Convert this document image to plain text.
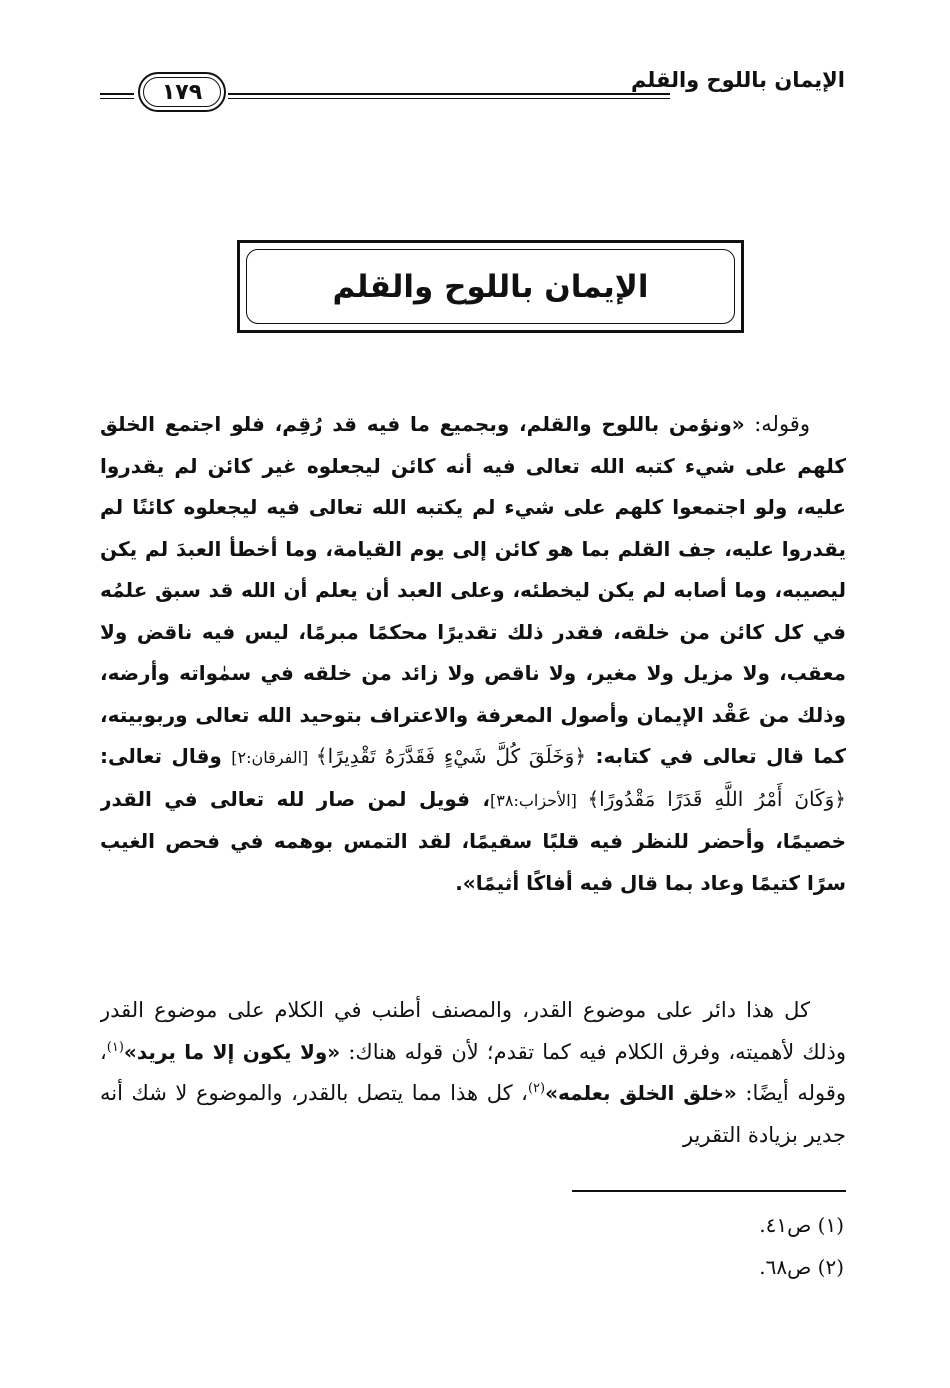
الإيمان باللوح والقلم
١٧٩
الإيمان باللوح والقلم

وقوله: «ونؤمن باللوح والقلم، وبجميع ما فيه قد رُقِم، فلو اجتمع الخلق كلهم على شيء كتبه الله تعالى فيه أنه كائن ليجعلوه غير كائن لم يقدروا عليه، ولو اجتمعوا كلهم على شيء لم يكتبه الله تعالى فيه ليجعلوه كائنًا لم يقدروا عليه، جف القلم بما هو كائن إلى يوم القيامة، وما أخطأ العبدَ لم يكن ليصيبه، وما أصابه لم يكن ليخطئه، وعلى العبد أن يعلم أن الله قد سبق علمُه في كل كائن من خلقه، فقدر ذلك تقديرًا محكمًا مبرمًا، ليس فيه ناقض ولا معقب، ولا مزيل ولا مغير، ولا ناقص ولا زائد من خلقه في سمٰواته وأرضه، وذلك من عَقْد الإيمان وأصول المعرفة والاعتراف بتوحيد الله تعالى وربوبيته، كما قال تعالى في كتابه: ﴿وَخَلَقَ كُلَّ شَيْءٍ فَقَدَّرَهُ تَقْدِيرًا﴾ [الفرقان:٢] وقال تعالى: ﴿وَكَانَ أَمْرُ اللَّهِ قَدَرًا مَقْدُورًا﴾ [الأحزاب:٣٨]، فويل لمن صار لله تعالى في القدر خصيمًا، وأحضر للنظر فيه قلبًا سقيمًا، لقد التمس بوهمه في فحص الغيب سرًا كتيمًا وعاد بما قال فيه أفاكًا أثيمًا».

كل هذا دائر على موضوع القدر، والمصنف أطنب في الكلام على موضوع القدر وذلك لأهميته، وفرق الكلام فيه كما تقدم؛ لأن قوله هناك: «ولا يكون إلا ما يريد»$^{(١)}$، وقوله أيضًا: «خلق الخلق بعلمه»$^{(٢)}$، كل هذا مما يتصل بالقدر، والموضوع لا شك أنه جدير بزيادة التقرير

(١) ص٤١.
(٢) ص٦٨.
